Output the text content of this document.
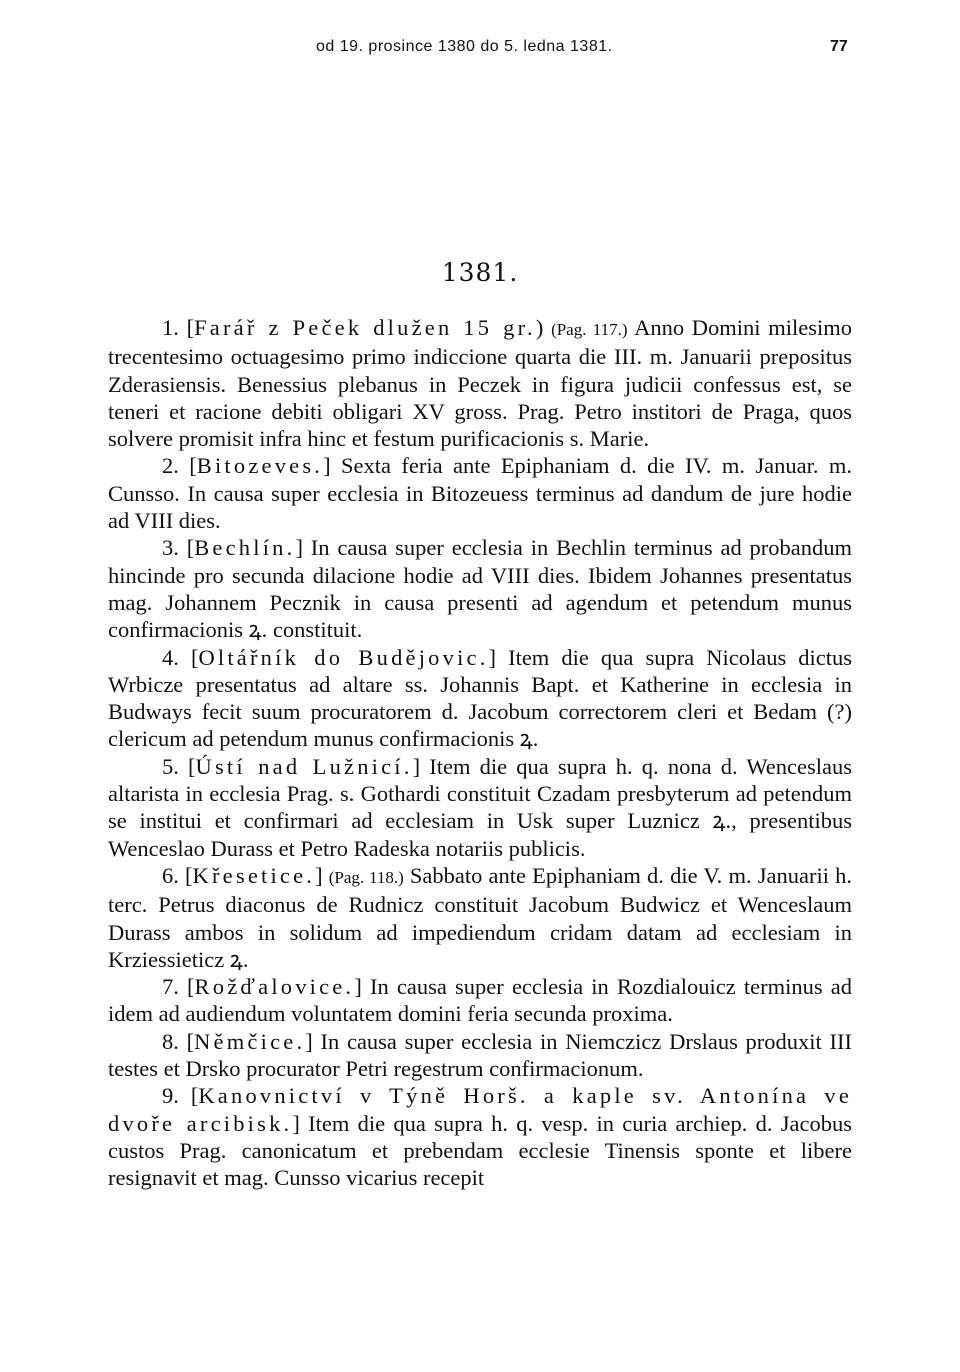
od 19. prosince 1380 do 5. ledna 1381.	77
1381.

1. [Farář z Peček dlužen 15 gr.) (Pag. 117.) Anno Domini milesimo trecentesimo octuagesimo primo indiccione quarta die III. m. Januarii prepositus Zderasiensis. Benessius plebanus in Peczek in figura judicii confessus est, se teneri et racione debiti obligari XV gross. Prag. Petro institori de Praga, quos solvere promisit infra hinc et festum purificacionis s. Marie.

2. [Bitozeves.] Sexta feria ante Epiphaniam d. die IV. m. Januar. m. Cunsso. In causa super ecclesia in Bitozeuess terminus ad dandum de jure hodie ad VIII dies.

3. [Bechlín.] In causa super ecclesia in Bechlin terminus ad probandum hincinde pro secunda dilacione hodie ad VIII dies. Ibidem Johannes presentatus mag. Johannem Pecznik in causa presenti ad agendum et petendum munus confirmacionis ꝝ. constituit.

4. [Oltářník do Budějovic.] Item die qua supra Nicolaus dictus Wrbicze presentatus ad altare ss. Johannis Bapt. et Katherine in ecclesia in Budways fecit suum procuratorem d. Jacobum correctorem cleri et Bedam (?) clericum ad petendum munus confirmacionis ꝝ.

5. [Ústí nad Lužnicí.] Item die qua supra h. q. nona d. Wenceslaus altarista in ecclesia Prag. s. Gothardi constituit Czadam presbyterum ad petendum se institui et confirmari ad ecclesiam in Usk super Luznicz ꝝ., presentibus Wenceslao Durass et Petro Radeska notariis publicis.

6. [Křesetice.] (Pag. 118.) Sabbato ante Epiphaniam d. die V. m. Januarii h. terc. Petrus diaconus de Rudnicz constituit Jacobum Budwicz et Wenceslaum Durass ambos in solidum ad impediendum cridam datam ad ecclesiam in Krziessieticz ꝝ.

7. [Rožďalovice.] In causa super ecclesia in Rozdialouicz terminus ad idem ad audiendum voluntatem domini feria secunda proxima.

8. [Němčice.] In causa super ecclesia in Niemczicz Drslaus produxit III testes et Drsko procurator Petri regestrum confirmacionum.

9. [Kanovnictví v Týně Horš. a kaple sv. Antonína ve dvoře arcibisk.] Item die qua supra h. q. vesp. in curia archiep. d. Jacobus custos Prag. canonicatum et prebendam ecclesie Tinensis sponte et libere resignavit et mag. Cunsso vicarius recepit
